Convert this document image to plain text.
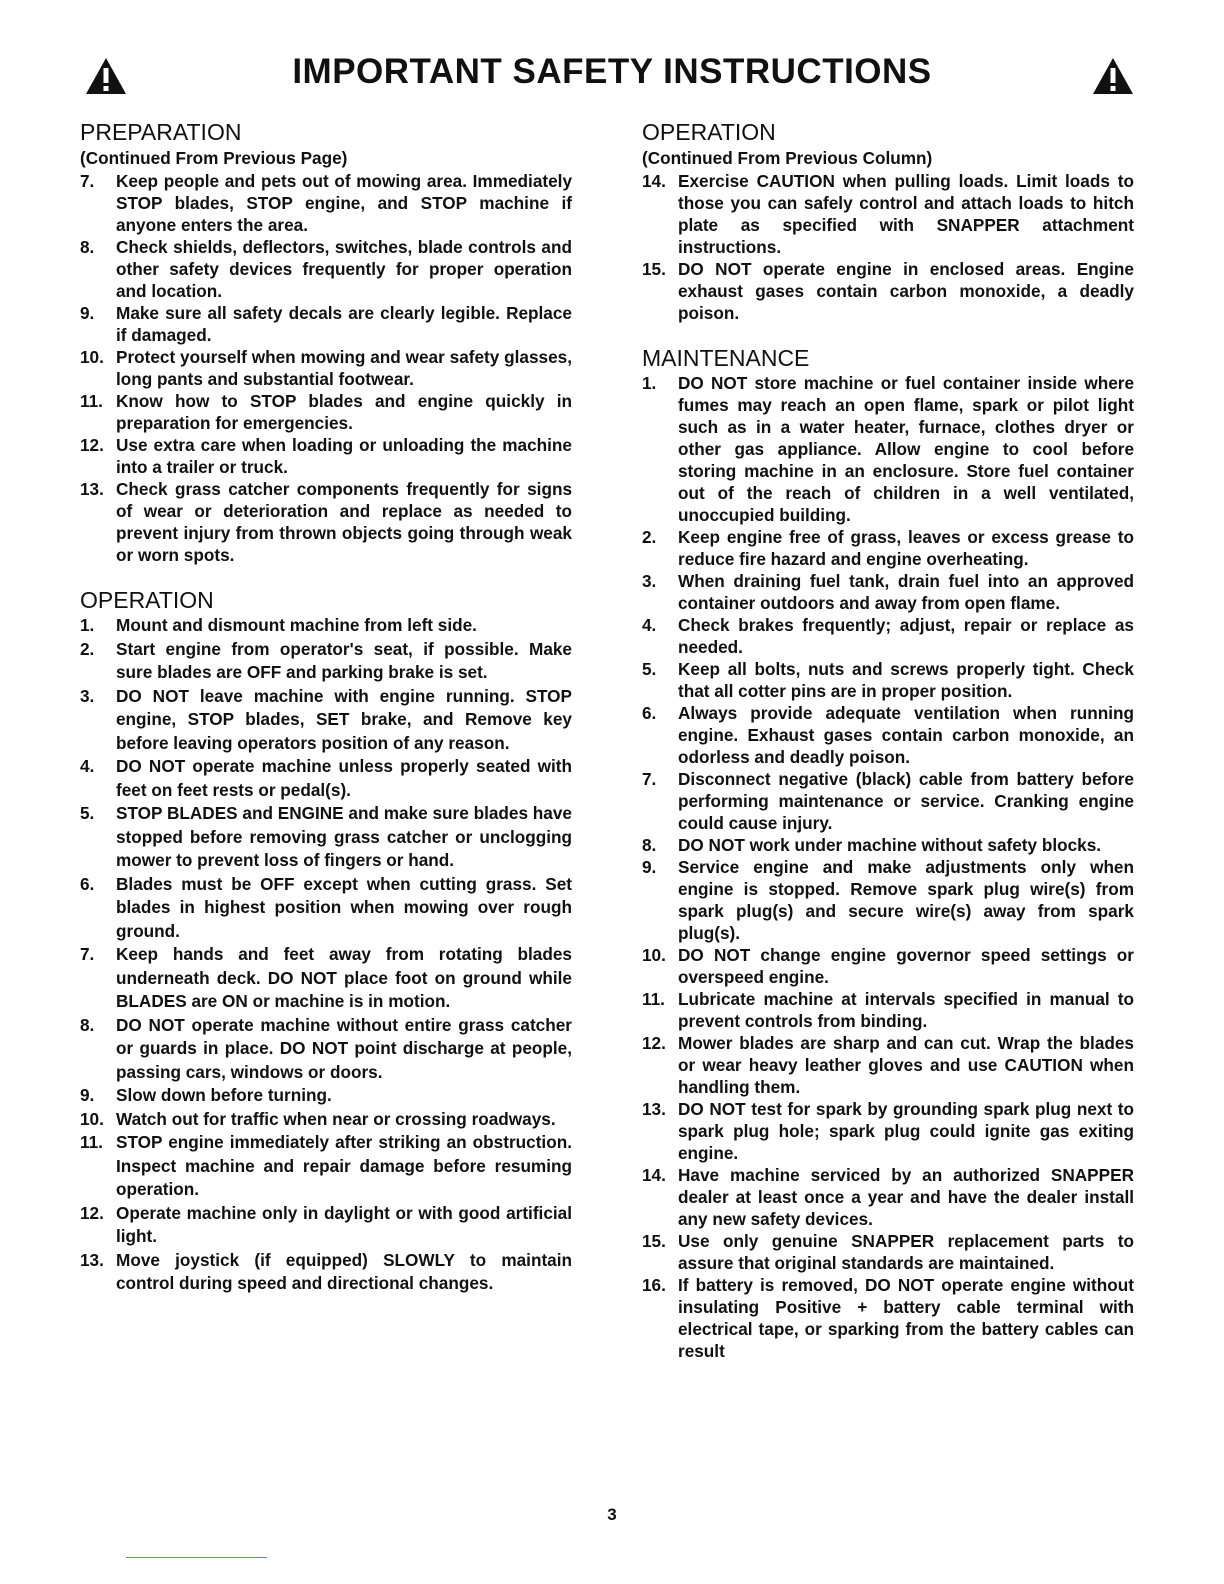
IMPORTANT SAFETY INSTRUCTIONS
PREPARATION
(Continued From Previous Page)
7.	Keep people and pets out of mowing area. Immediately STOP blades, STOP engine, and STOP machine if anyone enters the area.
8.	Check shields, deflectors, switches, blade controls and other safety devices frequently for proper operation and location.
9.	Make sure all safety decals are clearly legible. Replace if damaged.
10. Protect yourself when mowing and wear safety glasses, long pants and substantial footwear.
11. Know how to STOP blades and engine quickly in preparation for emergencies.
12. Use extra care when loading or unloading the machine into a trailer or truck.
13. Check grass catcher components frequently for signs of wear or deterioration and replace as needed to prevent injury from thrown objects going through weak or worn spots.
OPERATION
1.	Mount and dismount machine from left side.
2.	Start engine from operator's seat, if possible. Make sure blades are OFF and parking brake is set.
3.	DO NOT leave machine with engine running. STOP engine, STOP blades, SET brake, and Remove key before leaving operators position of any reason.
4.	DO NOT operate machine unless properly seated with feet on feet rests or pedal(s).
5.	STOP BLADES and ENGINE and make sure blades have stopped before removing grass catcher or unclogging mower to prevent loss of fingers or hand.
6.	Blades must be OFF except when cutting grass. Set blades in highest position when mowing over rough ground.
7.	Keep hands and feet away from rotating blades underneath deck. DO NOT place foot on ground while BLADES are ON or machine is in motion.
8.	DO NOT operate machine without entire grass catcher or guards in place. DO NOT point discharge at people, passing cars, windows or doors.
9.	Slow down before turning.
10. Watch out for traffic when near or crossing roadways.
11. STOP engine immediately after striking an obstruction. Inspect machine and repair damage before resuming operation.
12. Operate machine only in daylight or with good artificial light.
13. Move joystick (if equipped) SLOWLY to maintain control during speed and directional changes.
OPERATION
(Continued From Previous Column)
14. Exercise CAUTION when pulling loads. Limit loads to those you can safely control and attach loads to hitch plate as specified with SNAPPER attachment instructions.
15. DO NOT operate engine in enclosed areas. Engine exhaust gases contain carbon monoxide, a deadly poison.
MAINTENANCE
1.	DO NOT store machine or fuel container inside where fumes may reach an open flame, spark or pilot light such as in a water heater, furnace, clothes dryer or other gas appliance. Allow engine to cool before storing machine in an enclosure. Store fuel container out of the reach of children in a well ventilated, unoccupied building.
2.	Keep engine free of grass, leaves or excess grease to reduce fire hazard and engine overheating.
3.	When draining fuel tank, drain fuel into an approved container outdoors and away from open flame.
4.	Check brakes frequently; adjust, repair or replace as needed.
5.	Keep all bolts, nuts and screws properly tight. Check that all cotter pins are in proper position.
6.	Always provide adequate ventilation when running engine. Exhaust gases contain carbon monoxide, an odorless and deadly poison.
7.	Disconnect negative (black) cable from battery before performing maintenance or service. Cranking engine could cause injury.
8.	DO NOT work under machine without safety blocks.
9.	Service engine and make adjustments only when engine is stopped. Remove spark plug wire(s) from spark plug(s) and secure wire(s) away from spark plug(s).
10. DO NOT change engine governor speed settings or overspeed engine.
11. Lubricate machine at intervals specified in manual to prevent controls from binding.
12. Mower blades are sharp and can cut. Wrap the blades or wear heavy leather gloves and use CAUTION when handling them.
13. DO NOT test for spark by grounding spark plug next to spark plug hole; spark plug could ignite gas exiting engine.
14. Have machine serviced by an authorized SNAPPER dealer at least once a year and have the dealer install any new safety devices.
15. Use only genuine SNAPPER replacement parts to assure that original standards are maintained.
16. If battery is removed, DO NOT operate engine without insulating Positive + battery cable terminal with electrical tape, or sparking from the battery cables can result
3
